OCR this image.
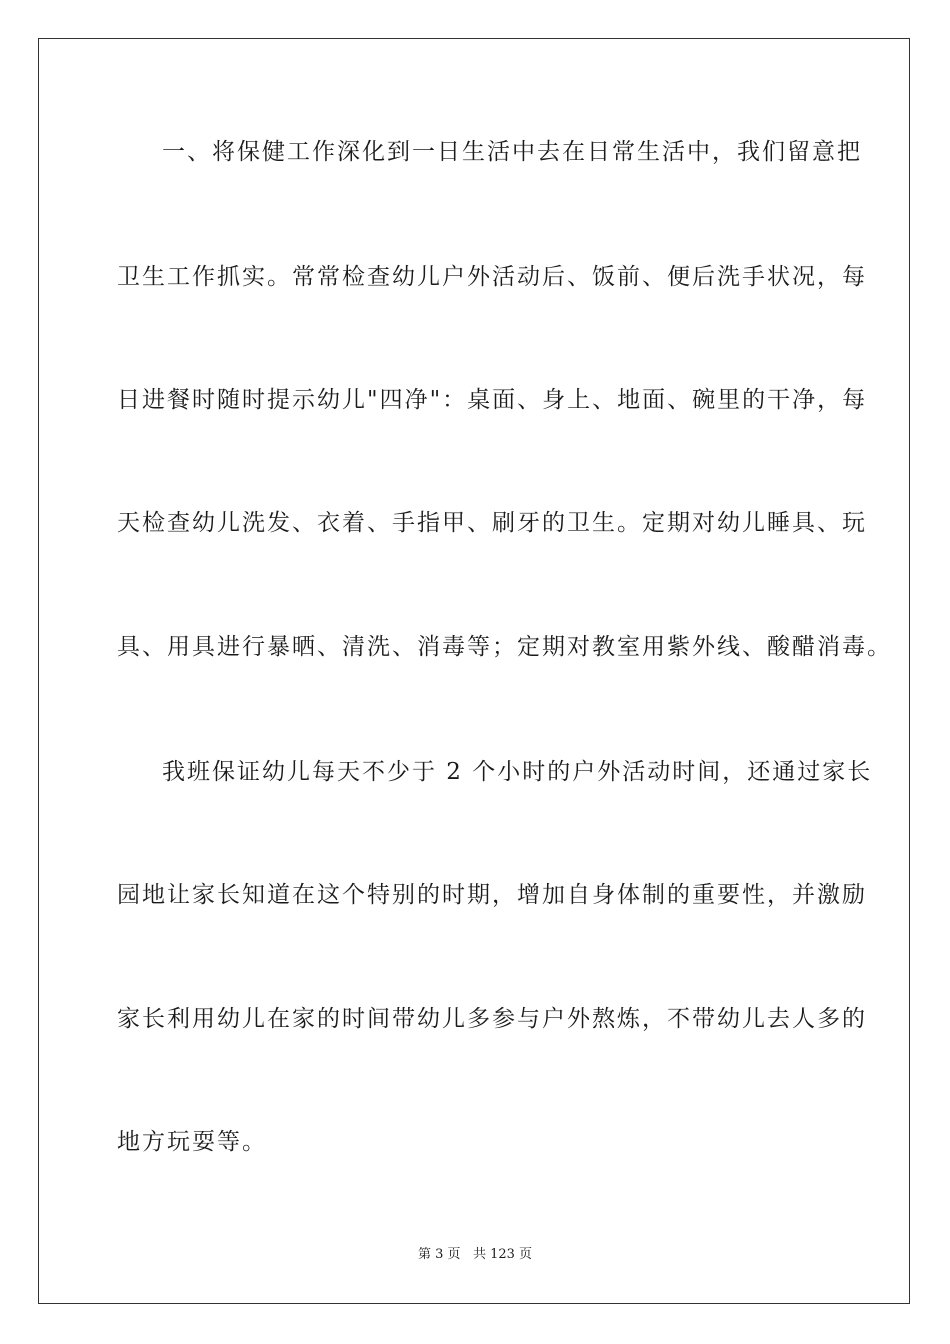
一、将保健工作深化到一日生活中去在日常生活中，我们留意把
卫生工作抓实。常常检查幼儿户外活动后、饭前、便后洗手状况，每
日进餐时随时提示幼儿"四净"：桌面、身上、地面、碗里的干净，每
天检查幼儿洗发、衣着、手指甲、刷牙的卫生。定期对幼儿睡具、玩
具、用具进行暴晒、清洗、消毒等；定期对教室用紫外线、酸醋消毒。
我班保证幼儿每天不少于 2 个小时的户外活动时间，还通过家长
园地让家长知道在这个特别的时期，增加自身体制的重要性，并激励
家长利用幼儿在家的时间带幼儿多参与户外熬炼，不带幼儿去人多的
地方玩耍等。
第 3 页 共 123 页
